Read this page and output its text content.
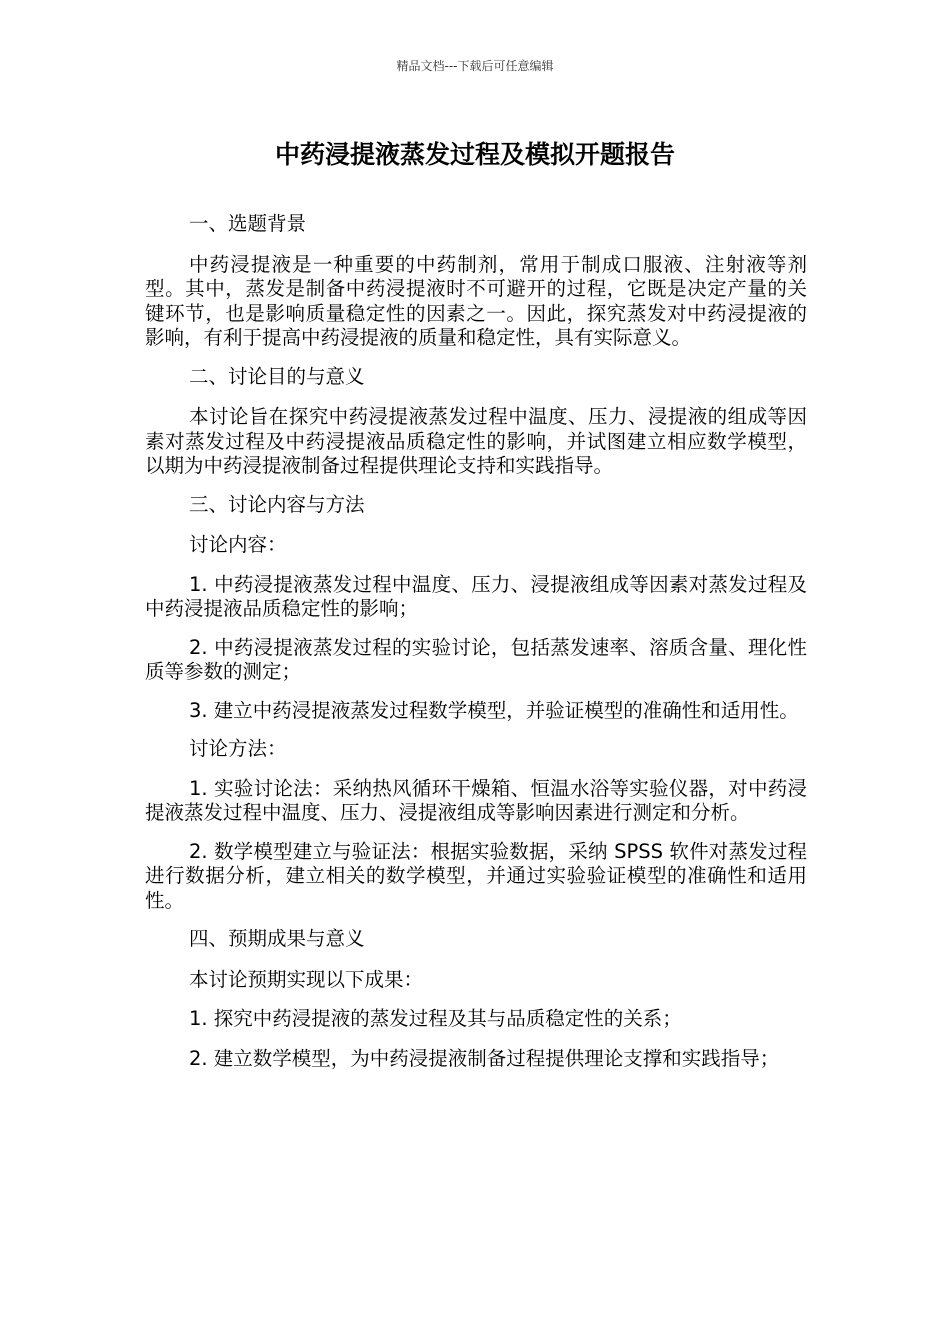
精品文档---下载后可任意编辑
中药浸提液蒸发过程及模拟开题报告

一、选题背景

中药浸提液是一种重要的中药制剂，常用于制成口服液、注射液等剂型。其中，蒸发是制备中药浸提液时不可避开的过程，它既是决定产量的关键环节，也是影响质量稳定性的因素之一。因此，探究蒸发对中药浸提液的影响，有利于提高中药浸提液的质量和稳定性，具有实际意义。

二、讨论目的与意义

本讨论旨在探究中药浸提液蒸发过程中温度、压力、浸提液的组成等因素对蒸发过程及中药浸提液品质稳定性的影响，并试图建立相应数学模型，以期为中药浸提液制备过程提供理论支持和实践指导。

三、讨论内容与方法

讨论内容：

1. 中药浸提液蒸发过程中温度、压力、浸提液组成等因素对蒸发过程及中药浸提液品质稳定性的影响；

2. 中药浸提液蒸发过程的实验讨论，包括蒸发速率、溶质含量、理化性质等参数的测定；

3. 建立中药浸提液蒸发过程数学模型，并验证模型的准确性和适用性。

讨论方法：

1. 实验讨论法：采纳热风循环干燥箱、恒温水浴等实验仪器，对中药浸提液蒸发过程中温度、压力、浸提液组成等影响因素进行测定和分析。

2. 数学模型建立与验证法：根据实验数据，采纳 SPSS 软件对蒸发过程进行数据分析，建立相关的数学模型，并通过实验验证模型的准确性和适用性。

四、预期成果与意义

本讨论预期实现以下成果：

1. 探究中药浸提液的蒸发过程及其与品质稳定性的关系；

2. 建立数学模型，为中药浸提液制备过程提供理论支撑和实践指导；
